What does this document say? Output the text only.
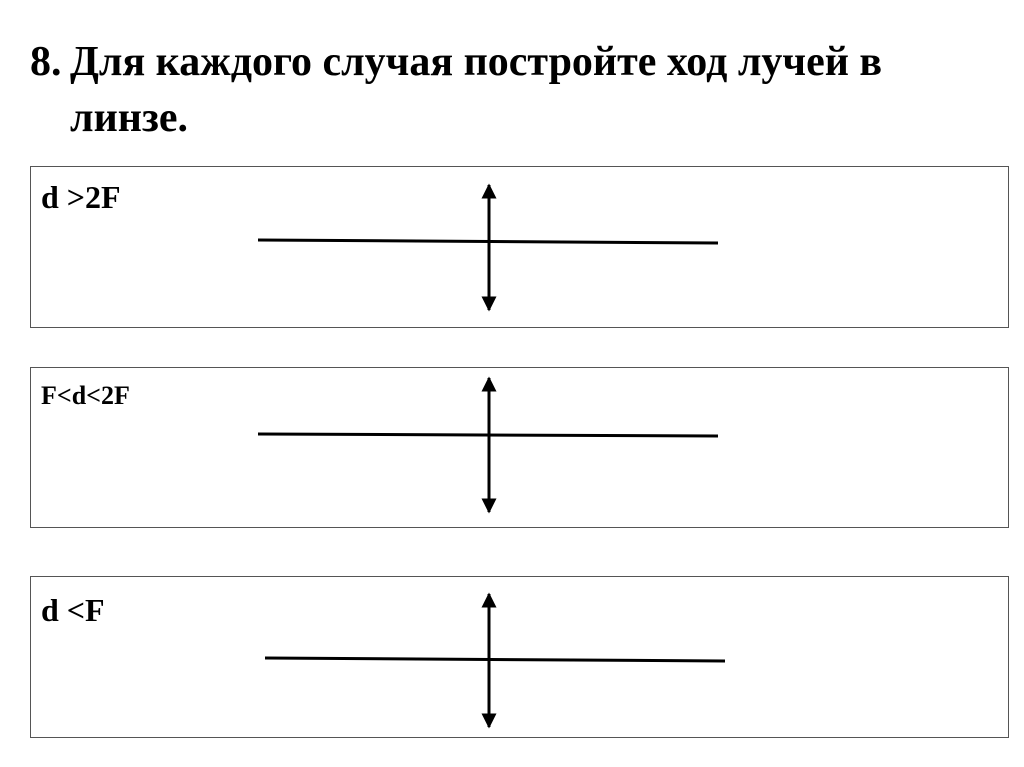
8. Для каждого случая постройте ход лучей в
линзе.
d >2F
F<d<2F
d <F
